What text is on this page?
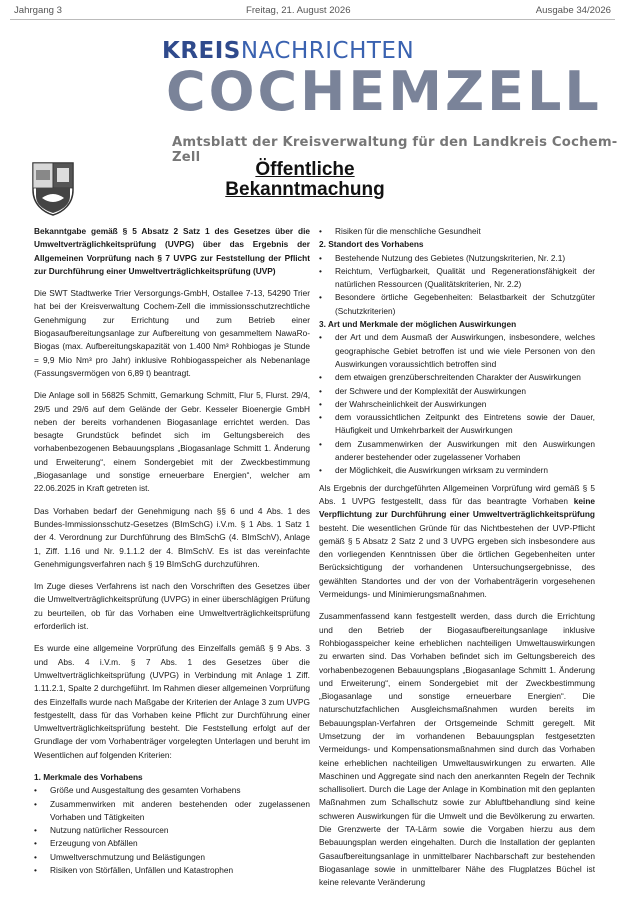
Jahrgang 3	Freitag, 21. August 2026	Ausgabe 34/2026
KREISNACHRICHTEN
COCHEMZELL
Amtsblatt der Kreisverwaltung für den Landkreis Cochem-Zell
Öffentliche
Bekanntmachung

Bekanntgabe gemäß § 5 Absatz 2 Satz 1 des Gesetzes über die Umweltverträglichkeitsprüfung (UVPG) über das Ergebnis der Allgemeinen Vorprüfung nach § 7 UVPG zur Feststellung der Pflicht zur Durchführung einer Umweltverträglichkeitsprüfung (UVP)

Die SWT Stadtwerke Trier Versorgungs-GmbH, Ostallee 7-13, 54290 Trier hat bei der Kreisverwaltung Cochem-Zell die immissionsschutzrechtliche Genehmigung zur Errichtung und zum Betrieb einer Biogasaufbereitungsanlage zur Aufbereitung von gesammeltem NawaRo-Biogas (max. Aufbereitungskapazität von 1.400 Nm³ Rohbiogas je Stunde = 9,9 Mio Nm³ pro Jahr) inklusive Rohbiogasspeicher als Nebenanlage (Fassungsvermögen von 6,89 t) beantragt.

Die Anlage soll in 56825 Schmitt, Gemarkung Schmitt, Flur 5, Flurst. 29/4, 29/5 und 29/6 auf dem Gelände der Gebr. Kesseler Bioenergie GmbH neben der bereits vorhandenen Biogasanlage errichtet werden. Das besagte Grundstück befindet sich im Geltungsbereich des vorhabenbezogenen Bebauungsplans „Biogasanlage Schmitt 1. Änderung und Erweiterung“, einem Sondergebiet mit der Zweckbestimmung „Biogasanlage und sonstige erneuerbare Energien“, welcher am 22.06.2025 in Kraft getreten ist.

Das Vorhaben bedarf der Genehmigung nach §§ 6 und 4 Abs. 1 des Bundes-Immissionsschutz-Gesetzes (BImSchG) i.V.m. § 1 Abs. 1 Satz 1 der 4. Verordnung zur Durchführung des BImSchG (4. BImSchV), Anlage 1, Ziff. 1.16 und Nr. 9.1.1.2 der 4. BImSchV. Es ist das vereinfachte Genehmigungsverfahren nach § 19 BImSchG durchzuführen.

Im Zuge dieses Verfahrens ist nach den Vorschriften des Gesetzes über die Umweltverträglichkeitsprüfung (UVPG) in einer überschlägigen Prüfung zu beurteilen, ob für das Vorhaben eine Umweltverträglichkeitsprüfung erforderlich ist.

Es wurde eine allgemeine Vorprüfung des Einzelfalls gemäß § 9 Abs. 3 und Abs. 4 i.V.m. § 7 Abs. 1 des Gesetzes über die Umweltverträglichkeitsprüfung (UVPG) in Verbindung mit Anlage 1 Ziff. 1.11.2.1, Spalte 2 durchgeführt. Im Rahmen dieser allgemeinen Vorprüfung des Einzelfalls wurde nach Maßgabe der Kriterien der Anlage 3 zum UVPG festgestellt, dass für das Vorhaben keine Pflicht zur Durchführung einer Umweltverträglichkeitsprüfung besteht. Die Feststellung erfolgt auf der Grundlage der vom Vorhabenträger vorgelegten Unterlagen und beruht im Wesentlichen auf folgenden Kriterien:

1. Merkmale des Vorhabens

• Größe und Ausgestaltung des gesamten Vorhabens
• Zusammenwirken mit anderen bestehenden oder zugelassenen Vorhaben und Tätigkeiten
• Nutzung natürlicher Ressourcen
• Erzeugung von Abfällen
• Umweltverschmutzung und Belästigungen
• Risiken von Störfällen, Unfällen und Katastrophen
• Risiken für die menschliche Gesundheit

2. Standort des Vorhabens

• Bestehende Nutzung des Gebietes (Nutzungskriterien, Nr. 2.1)
• Reichtum, Verfügbarkeit, Qualität und Regenerationsfähigkeit der natürlichen Ressourcen (Qualitätskriterien, Nr. 2.2)
• Besondere örtliche Gegebenheiten: Belastbarkeit der Schutzgüter (Schutzkriterien)

3. Art und Merkmale der möglichen Auswirkungen

• der Art und dem Ausmaß der Auswirkungen, insbesondere, welches geographische Gebiet betroffen ist und wie viele Personen von den Auswirkungen voraussichtlich betroffen sind
• dem etwaigen grenzüberschreitenden Charakter der Auswirkungen
• der Schwere und der Komplexität der Auswirkungen
• der Wahrscheinlichkeit der Auswirkungen
• dem voraussichtlichen Zeitpunkt des Eintretens sowie der Dauer, Häufigkeit und Umkehrbarkeit der Auswirkungen
• dem Zusammenwirken der Auswirkungen mit den Auswirkungen anderer bestehender oder zugelassener Vorhaben
• der Möglichkeit, die Auswirkungen wirksam zu vermindern

Als Ergebnis der durchgeführten Allgemeinen Vorprüfung wird gemäß § 5 Abs. 1 UVPG festgestellt, dass für das beantragte Vorhaben keine Verpflichtung zur Durchführung einer Umweltverträglichkeitsprüfung besteht. Die wesentlichen Gründe für das Nichtbestehen der UVP-Pflicht gemäß § 5 Absatz 2 Satz 2 und 3 UVPG ergeben sich insbesondere aus den vorliegenden Kenntnissen über die örtlichen Gegebenheiten unter Berücksichtigung der vorhandenen Untersuchungsergebnisse, des gewählten Standortes und der von der Vorhabenträgerin vorgesehenen Vermeidungs- und Minimierungsmaßnahmen.

Zusammenfassend kann festgestellt werden, dass durch die Errichtung und den Betrieb der Biogasaufbereitungsanlage inklusive Rohbiogasspeicher keine erheblichen nachteiligen Umweltauswirkungen zu erwarten sind. Das Vorhaben befindet sich im Geltungsbereich des vorhabenbezogenen Bebauungsplans „Biogasanlage Schmitt 1. Änderung und Erweiterung“, einem Sondergebiet mit der Zweckbestimmung „Biogasanlage und sonstige erneuerbare Energien“. Die naturschutzfachlichen Ausgleichsmaßnahmen wurden bereits im Bebauungsplan-Verfahren der Ortsgemeinde Schmitt geregelt. Mit Umsetzung der im vorhandenen Bebauungsplan festgesetzten Vermeidungs- und Kompensationsmaßnahmen sind durch das Vorhaben keine erheblichen nachteiligen Umweltauswirkungen zu erwarten. Alle Maschinen und Aggregate sind nach den anerkannten Regeln der Technik schallisoliert. Durch die Lage der Anlage in Kombination mit den geplanten Maßnahmen zum Schallschutz sowie zur Abluftbehandlung sind keine schweren Auswirkungen für die Umwelt und die Bevölkerung zu erwarten. Die Grenzwerte der TA-Lärm sowie die Vorgaben hierzu aus dem Bebauungsplan werden eingehalten. Durch die Installation der geplanten Gasaufbereitungsanlage in unmittelbarer Nachbarschaft zur bestehenden Biogasanlage sowie in unmittelbarer Nähe des Flugplatzes Büchel ist keine relevante Veränderung
